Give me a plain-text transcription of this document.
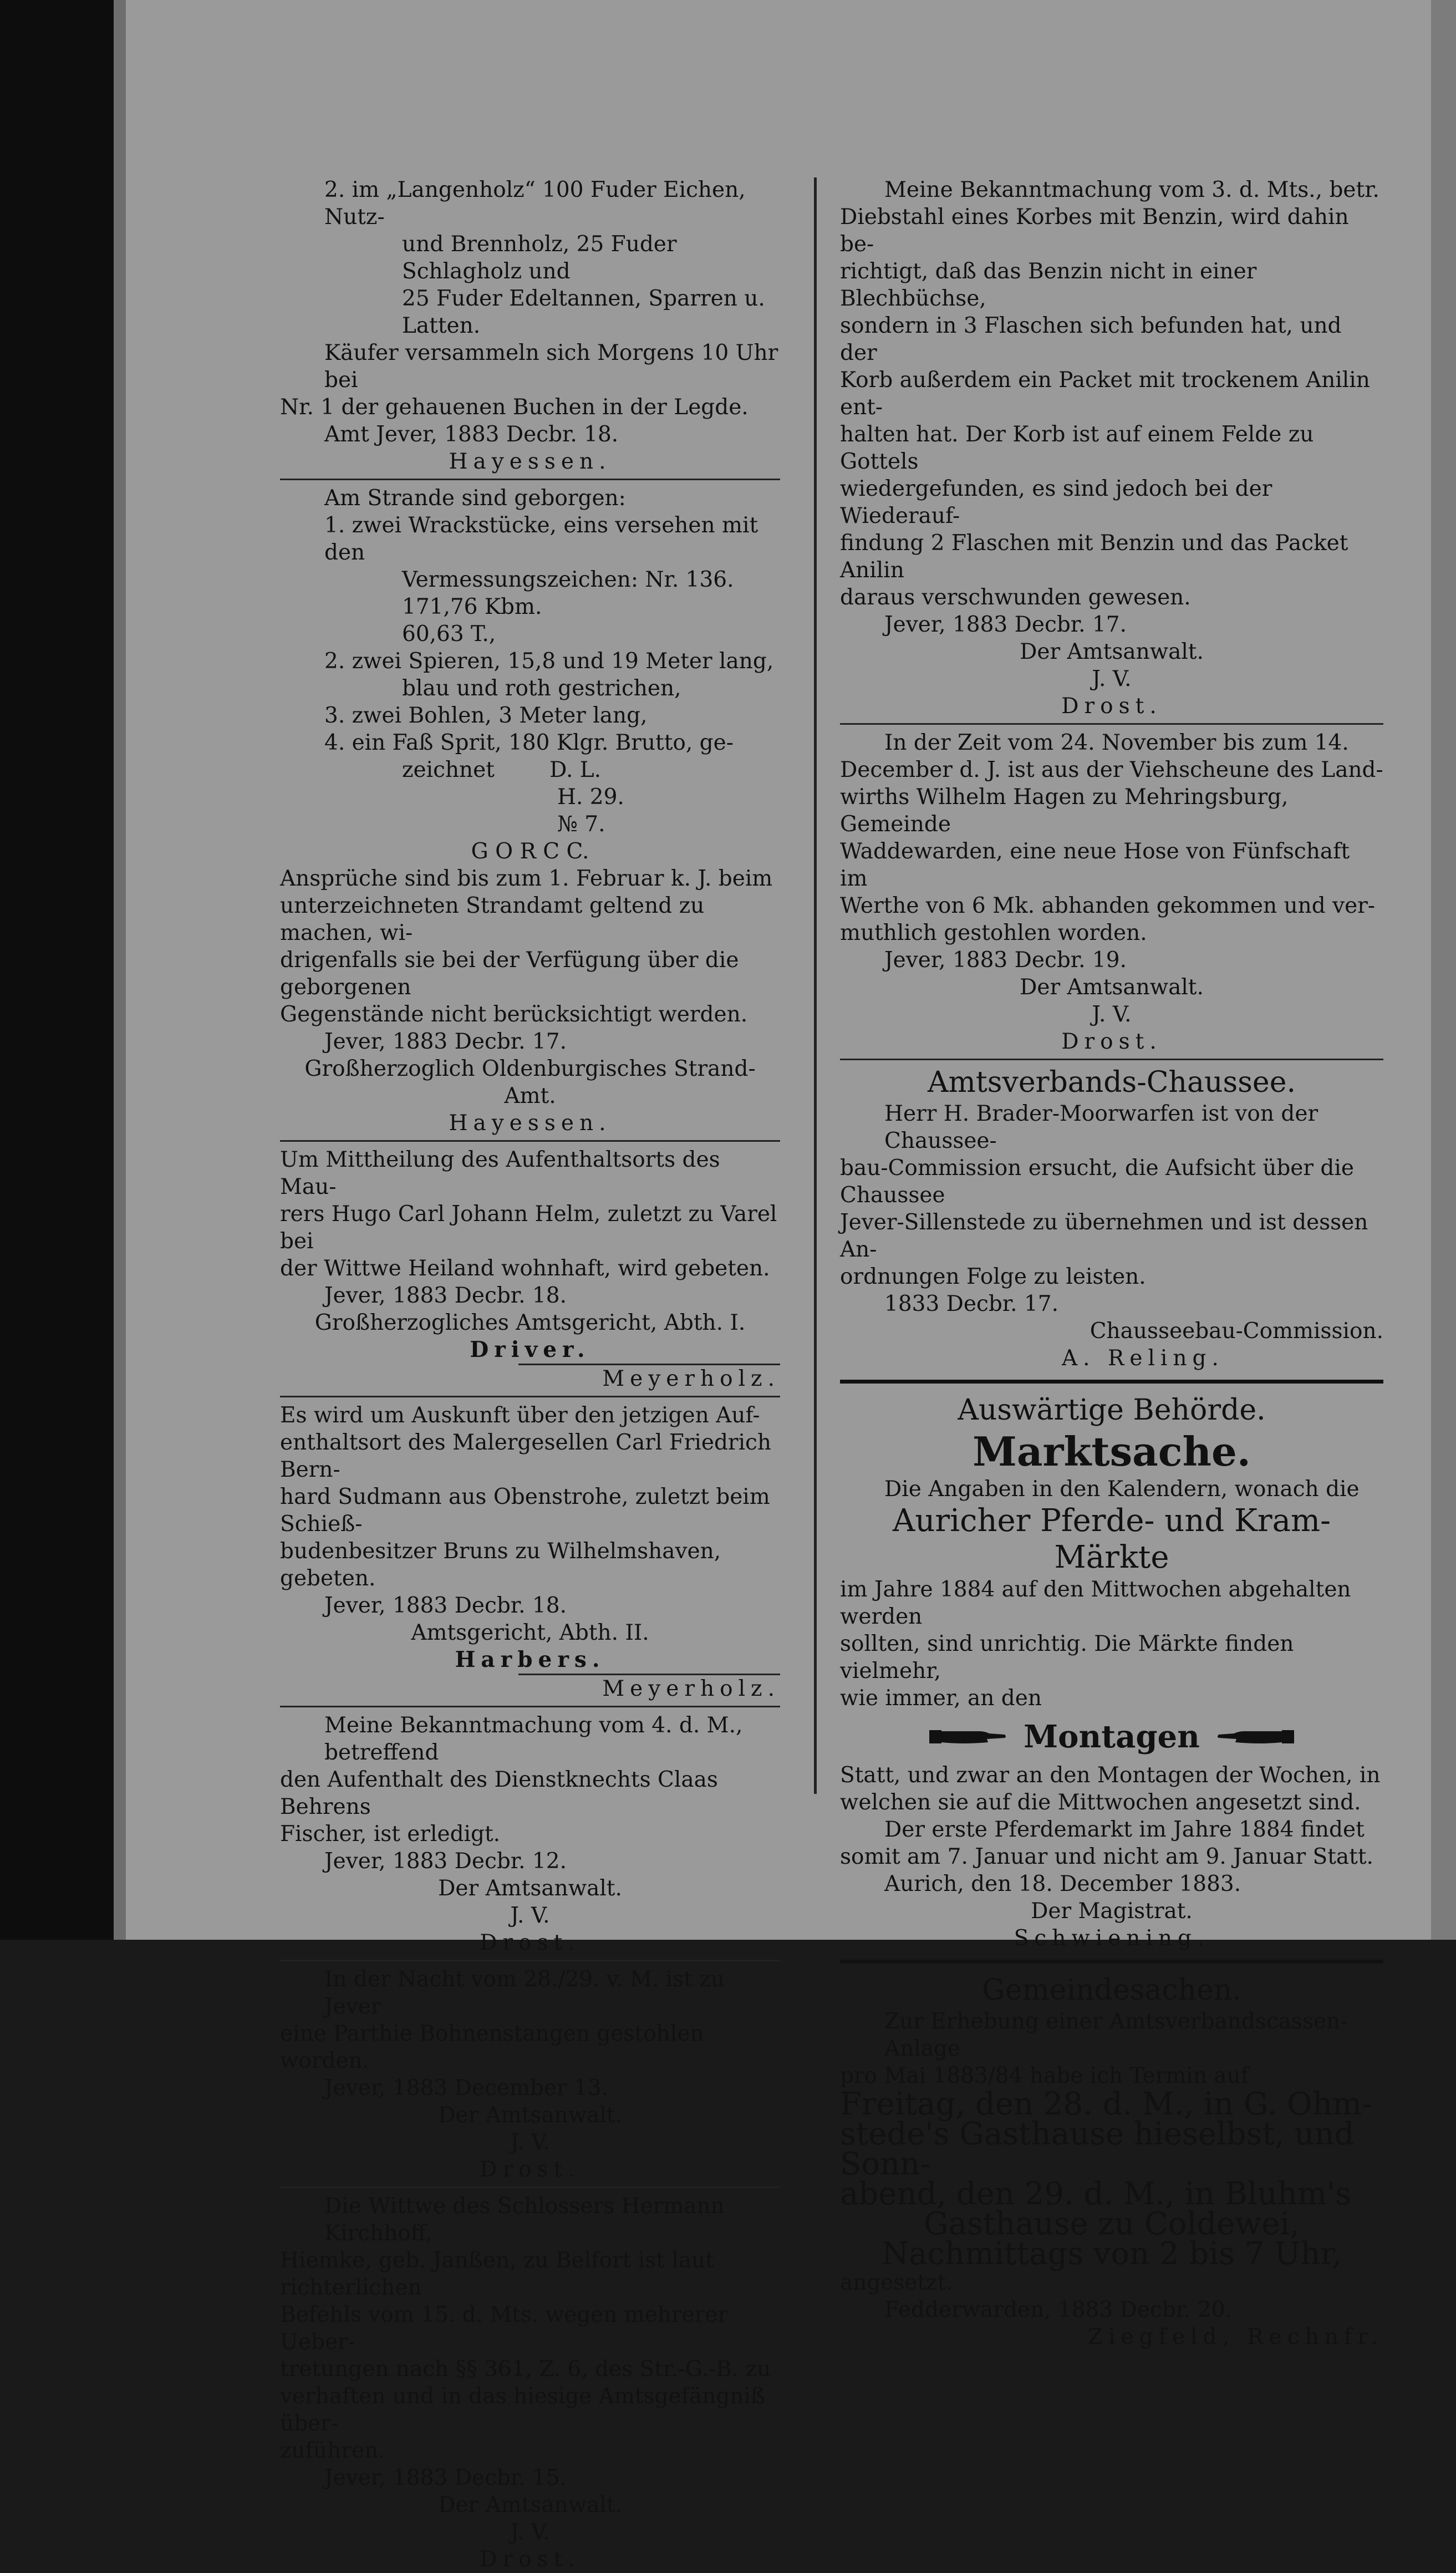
2. im „Langenholz“ 100 Fuder Eichen, Nutz-

und Brennholz, 25 Fuder Schlagholz und

25 Fuder Edeltannen, Sparren u. Latten.

Käufer versammeln sich Morgens 10 Uhr bei

Nr. 1 der gehauenen Buchen in der Legde.

Amt Jever, 1883 Decbr. 18.

Hayessen.

Am Strande sind geborgen:

1. zwei Wrackstücke, eins versehen mit den

Vermessungszeichen: Nr. 136. 171,76 Kbm.

60,63 T.,

2. zwei Spieren, 15,8 und 19 Meter lang,

blau und roth gestrichen,

3. zwei Bohlen, 3 Meter lang,

4. ein Faß Sprit, 180 Klgr. Brutto, ge-

zeichnet        D. L.

H. 29.

№ 7.

G O R C C.

Ansprüche sind bis zum 1. Februar k. J. beim

unterzeichneten Strandamt geltend zu machen, wi-

drigenfalls sie bei der Verfügung über die geborgenen

Gegenstände nicht berücksichtigt werden.

Jever, 1883 Decbr. 17.

Großherzoglich Oldenburgisches Strand-Amt.

Hayessen.

Um Mittheilung des Aufenthaltsorts des Mau-

rers Hugo Carl Johann Helm, zuletzt zu Varel bei

der Wittwe Heiland wohnhaft, wird gebeten.

Jever, 1883 Decbr. 18.

Großherzogliches Amtsgericht, Abth. I.

Driver.

Meyerholz.

Es wird um Auskunft über den jetzigen Auf-

enthaltsort des Malergesellen Carl Friedrich Bern-

hard Sudmann aus Obenstrohe, zuletzt beim Schieß-

budenbesitzer Bruns zu Wilhelmshaven, gebeten.

Jever, 1883 Decbr. 18.

Amtsgericht, Abth. II.

Harbers.

Meyerholz.

Meine Bekanntmachung vom 4. d. M., betreffend

den Aufenthalt des Dienstknechts Claas Behrens

Fischer, ist erledigt.

Jever, 1883 Decbr. 12.

Der Amtsanwalt.

J. V.

Drost.

In der Nacht vom 28./29. v. M. ist zu Jever

eine Parthie Bohnenstangen gestohlen worden.

Jever, 1883 December 13.

Der Amtsanwalt.

J. V.

Drost.

Die Wittwe des Schlossers Hermann Kirchhoff,

Hiemke, geb. Janßen, zu Belfort ist laut richterlichen

Befehls vom 15. d. Mts. wegen mehrerer Ueber-

tretungen nach §§ 361, Z. 6, des Str.-G.-B. zu

verhaften und in das hiesige Amtsgefängniß über-

zuführen.

Jever, 1883 Decbr. 15.

Der Amtsanwalt.

J. V.

Drost.

Meine Bekanntmachung vom 3. d. Mts., betr.

Diebstahl eines Korbes mit Benzin, wird dahin be-

richtigt, daß das Benzin nicht in einer Blechbüchse,

sondern in 3 Flaschen sich befunden hat, und der

Korb außerdem ein Packet mit trockenem Anilin ent-

halten hat. Der Korb ist auf einem Felde zu Gottels

wiedergefunden, es sind jedoch bei der Wiederauf-

findung 2 Flaschen mit Benzin und das Packet Anilin

daraus verschwunden gewesen.

Jever, 1883 Decbr. 17.

Der Amtsanwalt.

J. V.

Drost.

In der Zeit vom 24. November bis zum 14.

December d. J. ist aus der Viehscheune des Land-

wirths Wilhelm Hagen zu Mehringsburg, Gemeinde

Waddewarden, eine neue Hose von Fünfschaft im

Werthe von 6 Mk. abhanden gekommen und ver-

muthlich gestohlen worden.

Jever, 1883 Decbr. 19.

Der Amtsanwalt.

J. V.

Drost.

Amtsverbands-Chaussee.

Herr H. Brader-Moorwarfen ist von der Chaussee-

bau-Commission ersucht, die Aufsicht über die Chaussee

Jever-Sillenstede zu übernehmen und ist dessen An-

ordnungen Folge zu leisten.

1833 Decbr. 17.

Chausseebau-Commission.

A. Reling.

Auswärtige Behörde.

Marktsache.

Die Angaben in den Kalendern, wonach die

Auricher Pferde- und Kram-Märkte

im Jahre 1884 auf den Mittwochen abgehalten werden

sollten, sind unrichtig. Die Märkte finden vielmehr,

wie immer, an den

Montagen

Statt, und zwar an den Montagen der Wochen, in

welchen sie auf die Mittwochen angesetzt sind.

Der erste Pferdemarkt im Jahre 1884 findet

somit am 7. Januar und nicht am 9. Januar Statt.

Aurich, den 18. December 1883.

Der Magistrat.

Schwiening.

Gemeindesachen.

Zur Erhebung einer Amtsverbandscassen-Anlage

pro Mai 1883/84 habe ich Termin auf

Freitag, den 28. d. M., in G. Ohm-

stede's Gasthause hieselbst, und Sonn-

abend, den 29. d. M., in Bluhm's

Gasthause zu Coldewei,

Nachmittags von 2 bis 7 Uhr,

angesetzt.

Fedderwarden, 1883 Decbr. 20.

Ziegfeld, Rechnfr.
